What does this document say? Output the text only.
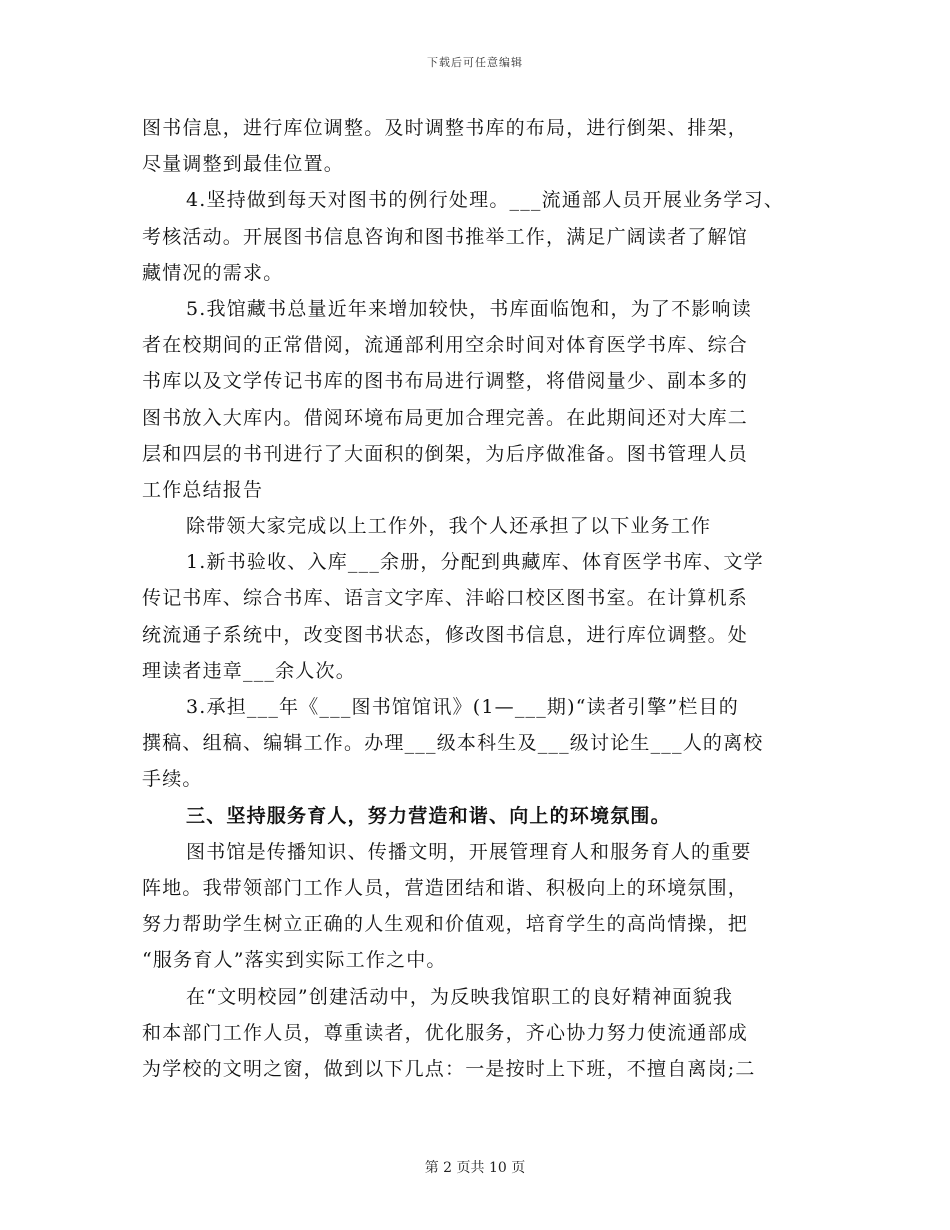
下载后可任意编辑
图书信息，进行库位调整。及时调整书库的布局，进行倒架、排架，
尽量调整到最佳位置。
4.坚持做到每天对图书的例行处理。___流通部人员开展业务学习、
考核活动。开展图书信息咨询和图书推举工作，满足广阔读者了解馆
藏情况的需求。
5.我馆藏书总量近年来增加较快，书库面临饱和，为了不影响读
者在校期间的正常借阅，流通部利用空余时间对体育医学书库、综合
书库以及文学传记书库的图书布局进行调整，将借阅量少、副本多的
图书放入大库内。借阅环境布局更加合理完善。在此期间还对大库二
层和四层的书刊进行了大面积的倒架，为后序做准备。图书管理人员
工作总结报告
除带领大家完成以上工作外，我个人还承担了以下业务工作
1.新书验收、入库___余册，分配到典藏库、体育医学书库、文学
传记书库、综合书库、语言文字库、沣峪口校区图书室。在计算机系
统流通子系统中，改变图书状态，修改图书信息，进行库位调整。处
理读者违章___余人次。
3.承担___年《___图书馆馆讯》(1—___期)“读者引擎”栏目的
撰稿、组稿、编辑工作。办理___级本科生及___级讨论生___人的离校
手续。
三、坚持服务育人，努力营造和谐、向上的环境氛围。
图书馆是传播知识、传播文明，开展管理育人和服务育人的重要
阵地。我带领部门工作人员，营造团结和谐、积极向上的环境氛围，
努力帮助学生树立正确的人生观和价值观，培育学生的高尚情操，把
“服务育人”落实到实际工作之中。
在“文明校园”创建活动中，为反映我馆职工的良好精神面貌我
和本部门工作人员，尊重读者，优化服务，齐心协力努力使流通部成
为学校的文明之窗，做到以下几点：一是按时上下班，不擅自离岗;二
第 2 页共 10 页
